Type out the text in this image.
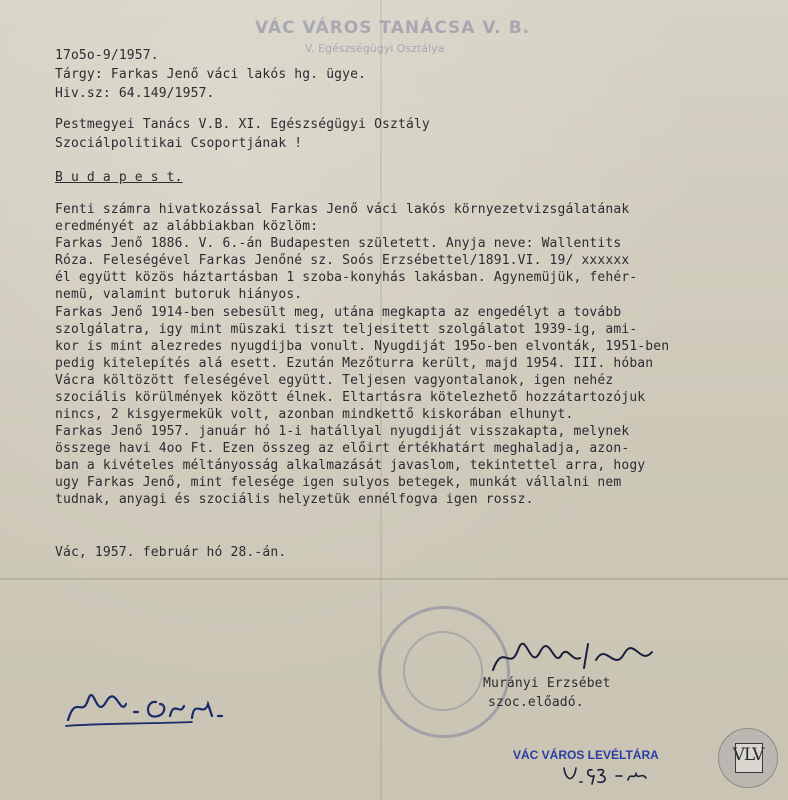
VÁC VÁROS TANÁCSA V. B.
V. Egészségügyi Osztálya
17o5o-9/1957.
Tárgy: Farkas Jenő váci lakós hg. ügye.
Hiv.sz: 64.149/1957.
Pestmegyei Tanács V.B. XI. Egészségügyi Osztály
Szociálpolitikai Csoportjának !
B u d a p e s t.
Fenti számra hivatkozással Farkas Jenő váci lakós környezetvizsgálatának
eredményét az alábbiakban közlöm:
Farkas Jenő 1886. V. 6.-án Budapesten született. Anyja neve: Wallentits
Róza. Feleségével Farkas Jenőné sz. Soós Erzsébettel/1891.VI. 19/ xxxxxx
él együtt közös háztartásban 1 szoba-konyhás lakásban. Agynemüjük, fehér-
nemü, valamint butoruk hiányos.
Farkas Jenő 1914-ben sebesült meg, utána megkapta az engedélyt a tovább
szolgálatra, igy mint müszaki tiszt teljesitett szolgálatot 1939-ig, ami-
kor is mint alezredes nyugdijba vonult. Nyugdiját 195o-ben elvonták, 1951-ben
pedig kitelepítés alá esett. Ezután Mezőturra került, majd 1954. III. hóban
Vácra költözött feleségével együtt. Teljesen vagyontalanok, igen nehéz
szociális körülmények között élnek. Eltartásra kötelezhető hozzátartozójuk
nincs, 2 kisgyermekük volt, azonban mindkettő kiskorában elhunyt.
Farkas Jenő 1957. január hó 1-i hatállyal nyugdiját visszakapta, melynek
összege havi 4oo Ft. Ezen összeg az előirt értékhatárt meghaladja, azon-
ban a kivételes méltányosság alkalmazását javaslom, tekintettel arra, hogy
ugy Farkas Jenő, mint felesége igen sulyos betegek, munkát vállalni nem
tudnak, anyagi és szociális helyzetük ennélfogva igen rossz.
Vác, 1957. február hó 28.-án.
Murányi Erzsébet
szoc.előadó.
VÁC VÁROS LEVÉLTÁRA	VLV
